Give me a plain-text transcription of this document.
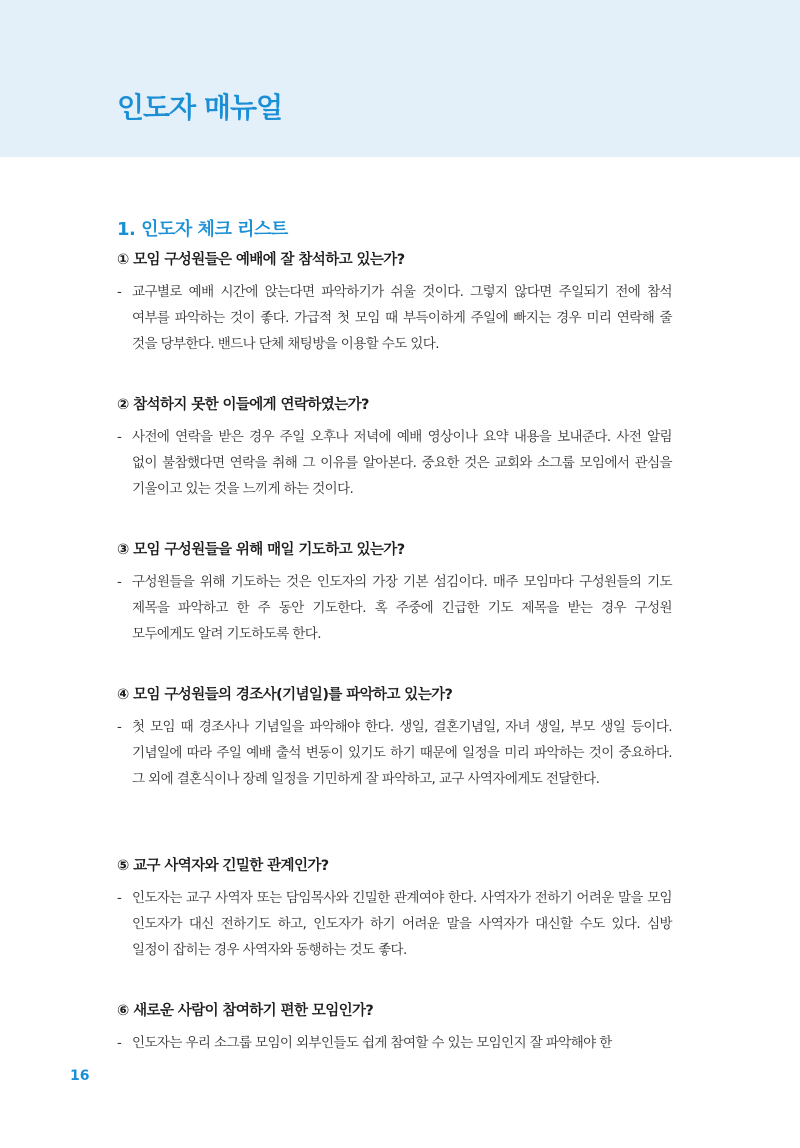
인도자 매뉴얼
1. 인도자 체크 리스트
① 모임 구성원들은 예배에 잘 참석하고 있는가?
- 교구별로 예배 시간에 앉는다면 파악하기가 쉬울 것이다. 그렇지 않다면 주일되기 전에 참석 여부를 파악하는 것이 좋다. 가급적 첫 모임 때 부득이하게 주일에 빠지는 경우 미리 연락해 줄 것을 당부한다. 밴드나 단체 채팅방을 이용할 수도 있다.
② 참석하지 못한 이들에게 연락하였는가?
- 사전에 연락을 받은 경우 주일 오후나 저녁에 예배 영상이나 요약 내용을 보내준다. 사전 알림 없이 불참했다면 연락을 취해 그 이유를 알아본다. 중요한 것은 교회와 소그룹 모임에서 관심을 기울이고 있는 것을 느끼게 하는 것이다.
③ 모임 구성원들을 위해 매일 기도하고 있는가?
- 구성원들을 위해 기도하는 것은 인도자의 가장 기본 섬김이다. 매주 모임마다 구성원들의 기도 제목을 파악하고 한 주 동안 기도한다. 혹 주중에 긴급한 기도 제목을 받는 경우 구성원 모두에게도 알려 기도하도록 한다.
④ 모임 구성원들의 경조사(기념일)를 파악하고 있는가?
- 첫 모임 때 경조사나 기념일을 파악해야 한다. 생일, 결혼기념일, 자녀 생일, 부모 생일 등이다. 기념일에 따라 주일 예배 출석 변동이 있기도 하기 때문에 일정을 미리 파악하는 것이 중요하다. 그 외에 결혼식이나 장례 일정을 기민하게 잘 파악하고, 교구 사역자에게도 전달한다.
⑤ 교구 사역자와 긴밀한 관계인가?
- 인도자는 교구 사역자 또는 담임목사와 긴밀한 관계여야 한다. 사역자가 전하기 어려운 말을 모임 인도자가 대신 전하기도 하고, 인도자가 하기 어려운 말을 사역자가 대신할 수도 있다. 심방 일정이 잡히는 경우 사역자와 동행하는 것도 좋다.
⑥ 새로운 사람이 참여하기 편한 모임인가?
- 인도자는 우리 소그룹 모임이 외부인들도 쉽게 참여할 수 있는 모임인지 잘 파악해야 한
16
